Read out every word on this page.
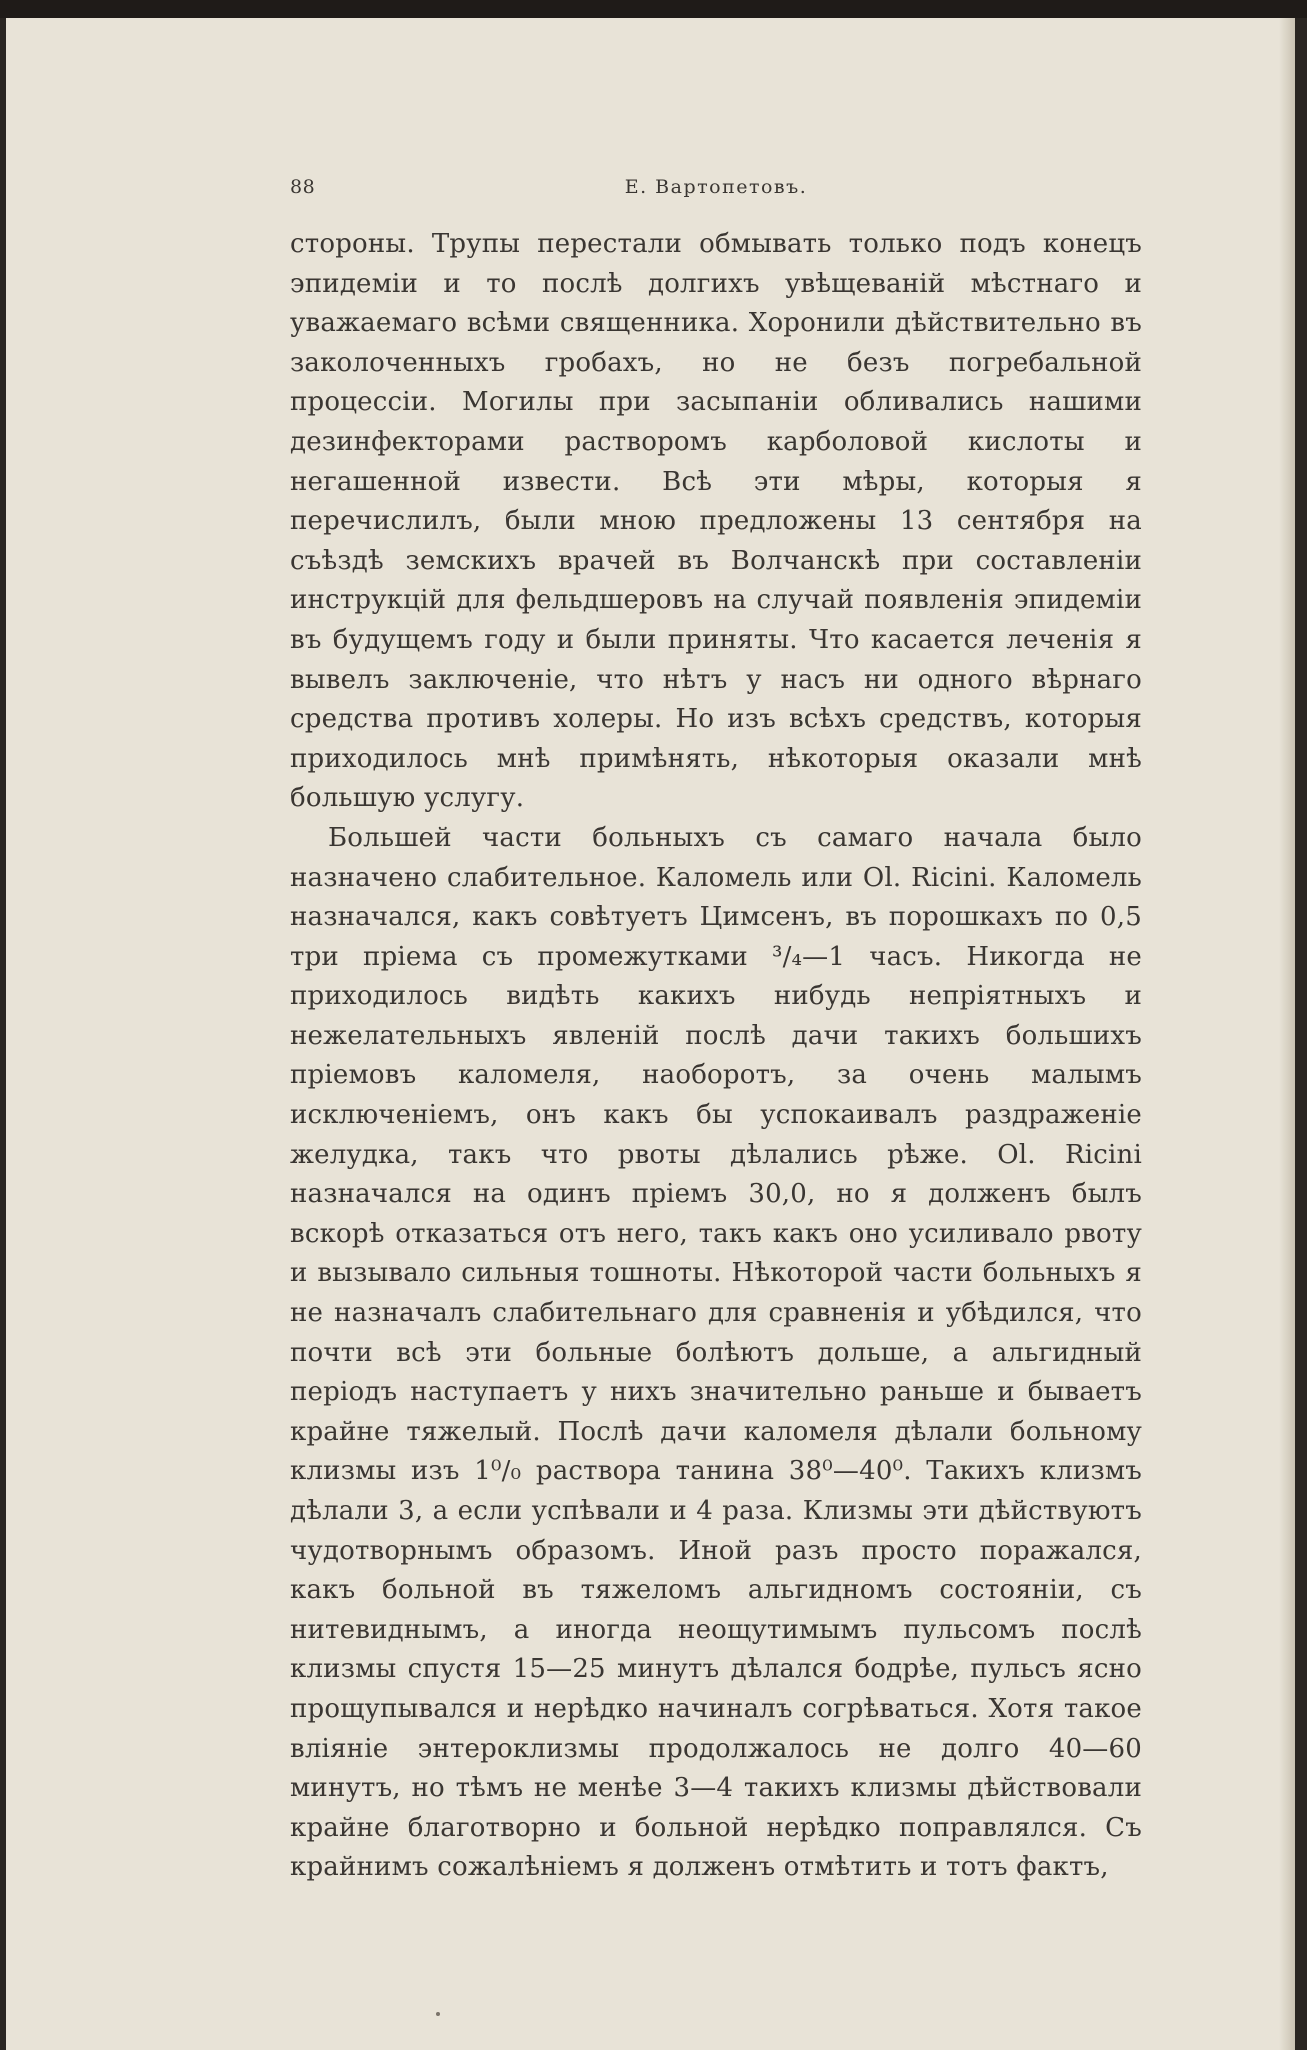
88	Е. Вартопетовъ.

стороны. Трупы перестали обмывать только подъ конецъ эпидеміи и то послѣ долгихъ увѣщеваній мѣстнаго и уважаемаго всѣми священника. Хоронили дѣйствительно въ заколоченныхъ гробахъ, но не безъ погребальной процессіи. Могилы при засыпаніи обливались нашими дезинфекторами растворомъ карболовой кислоты и негашенной извести. Всѣ эти мѣры, которыя я перечислилъ, были мною предложены 13 сентября на съѣздѣ земскихъ врачей въ Волчанскѣ при составленіи инструкцій для фельдшеровъ на случай появленія эпидеміи въ будущемъ году и были приняты. Что касается леченія я вывелъ заключеніе, что нѣтъ у насъ ни одного вѣрнаго средства противъ холеры. Но изъ всѣхъ средствъ, которыя приходилось мнѣ примѣнять, нѣкоторыя оказали мнѣ большую услугу.

Большей части больныхъ съ самаго начала было назначено слабительное. Каломель или Ol. Ricini. Каломель назначался, какъ совѣтуетъ Цимсенъ, въ порошкахъ по 0,5 три пріема съ промежутками ³/₄—1 часъ. Никогда не приходилось видѣть какихъ нибудь непріятныхъ и нежелательныхъ явленій послѣ дачи такихъ большихъ пріемовъ каломеля, наоборотъ, за очень малымъ исключеніемъ, онъ какъ бы успокаивалъ раздраженіе желудка, такъ что рвоты дѣлались рѣже. Ol. Ricini назначался на одинъ пріемъ 30,0, но я долженъ былъ вскорѣ отказаться отъ него, такъ какъ оно усиливало рвоту и вызывало сильныя тошноты. Нѣкоторой части больныхъ я не назначалъ слабительнаго для сравненія и убѣдился, что почти всѣ эти больные болѣютъ дольше, а альгидный періодъ наступаетъ у нихъ значительно раньше и бываетъ крайне тяжелый. Послѣ дачи каломеля дѣлали больному клизмы изъ 1⁰/₀ раствора танина 38⁰—40⁰. Такихъ клизмъ дѣлали 3, а если успѣвали и 4 раза. Клизмы эти дѣйствуютъ чудотворнымъ образомъ. Иной разъ просто поражался, какъ больной въ тяжеломъ альгидномъ состояніи, съ нитевиднымъ, а иногда неощутимымъ пульсомъ послѣ клизмы спустя 15—25 минутъ дѣлался бодрѣе, пульсъ ясно прощупывался и нерѣдко начиналъ согрѣваться. Хотя такое вліяніе энтероклизмы продолжалось не долго 40—60 минутъ, но тѣмъ не менѣе 3—4 такихъ клизмы дѣйствовали крайне благотворно и больной нерѣдко поправлялся. Съ крайнимъ сожалѣніемъ я долженъ отмѣтить и тотъ фактъ,
